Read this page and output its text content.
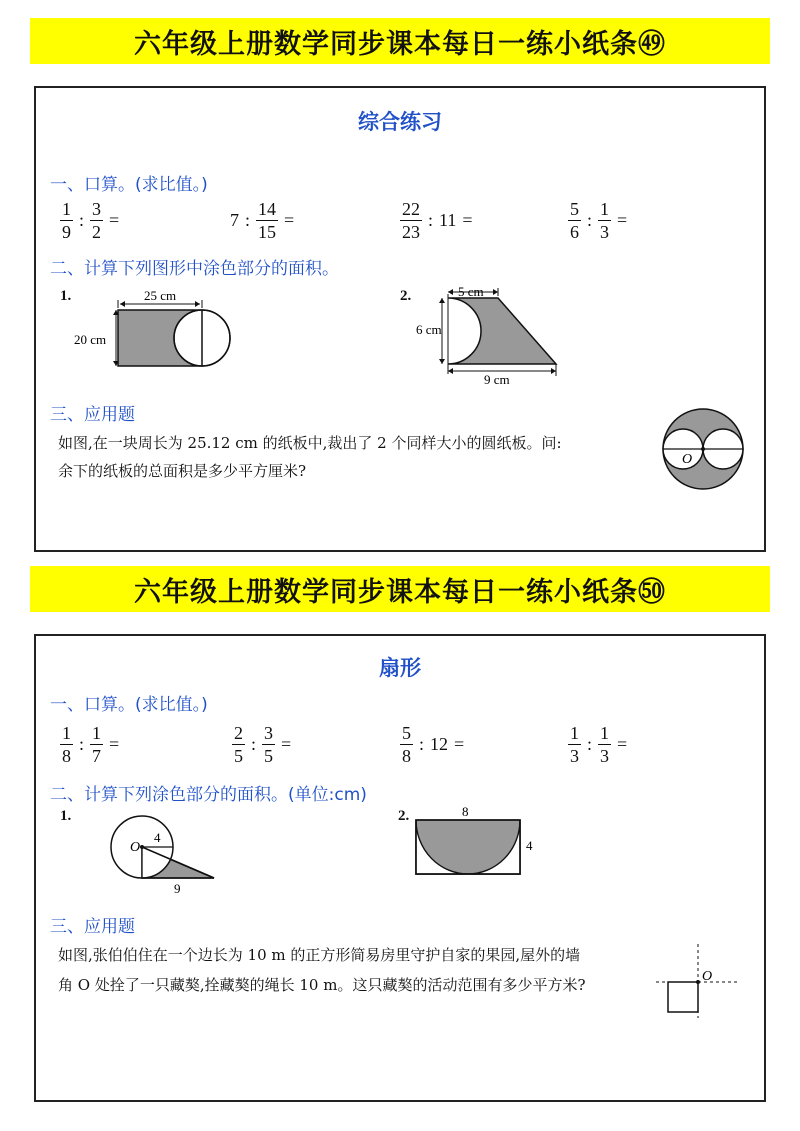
六年级上册数学同步课本每日一练小纸条㊾
综合练习
一、口算。(求比值。)
$\frac{1}{9}$ : $\frac{3}{2}$ =	7 : $\frac{14}{15}$ =	$\frac{22}{23}$ : 11 =	$\frac{5}{6}$ : $\frac{1}{3}$ =
二、计算下列图形中涂色部分的面积。
1.	25 cm
20 cm
2.	5 cm
6 cm
9 cm
三、应用题
如图,在一块周长为 25.12 cm 的纸板中,裁出了 2 个同样大小的圆纸板。问:
余下的纸板的总面积是多少平方厘米?
O
六年级上册数学同步课本每日一练小纸条㊿
扇形
一、口算。(求比值。)
$\frac{1}{8}$ : $\frac{1}{7}$ =	$\frac{2}{5}$ : $\frac{3}{5}$ =	$\frac{5}{8}$ : 12 =	$\frac{1}{3}$ : $\frac{1}{3}$ =
二、计算下列涂色部分的面积。(单位:cm)
1.
O
4
9
2.	8
4
三、应用题
如图,张伯伯住在一个边长为 10 m 的正方形简易房里守护自家的果园,屋外的墙
角 O 处拴了一只藏獒,拴藏獒的绳长 10 m。这只藏獒的活动范围有多少平方米?	O
